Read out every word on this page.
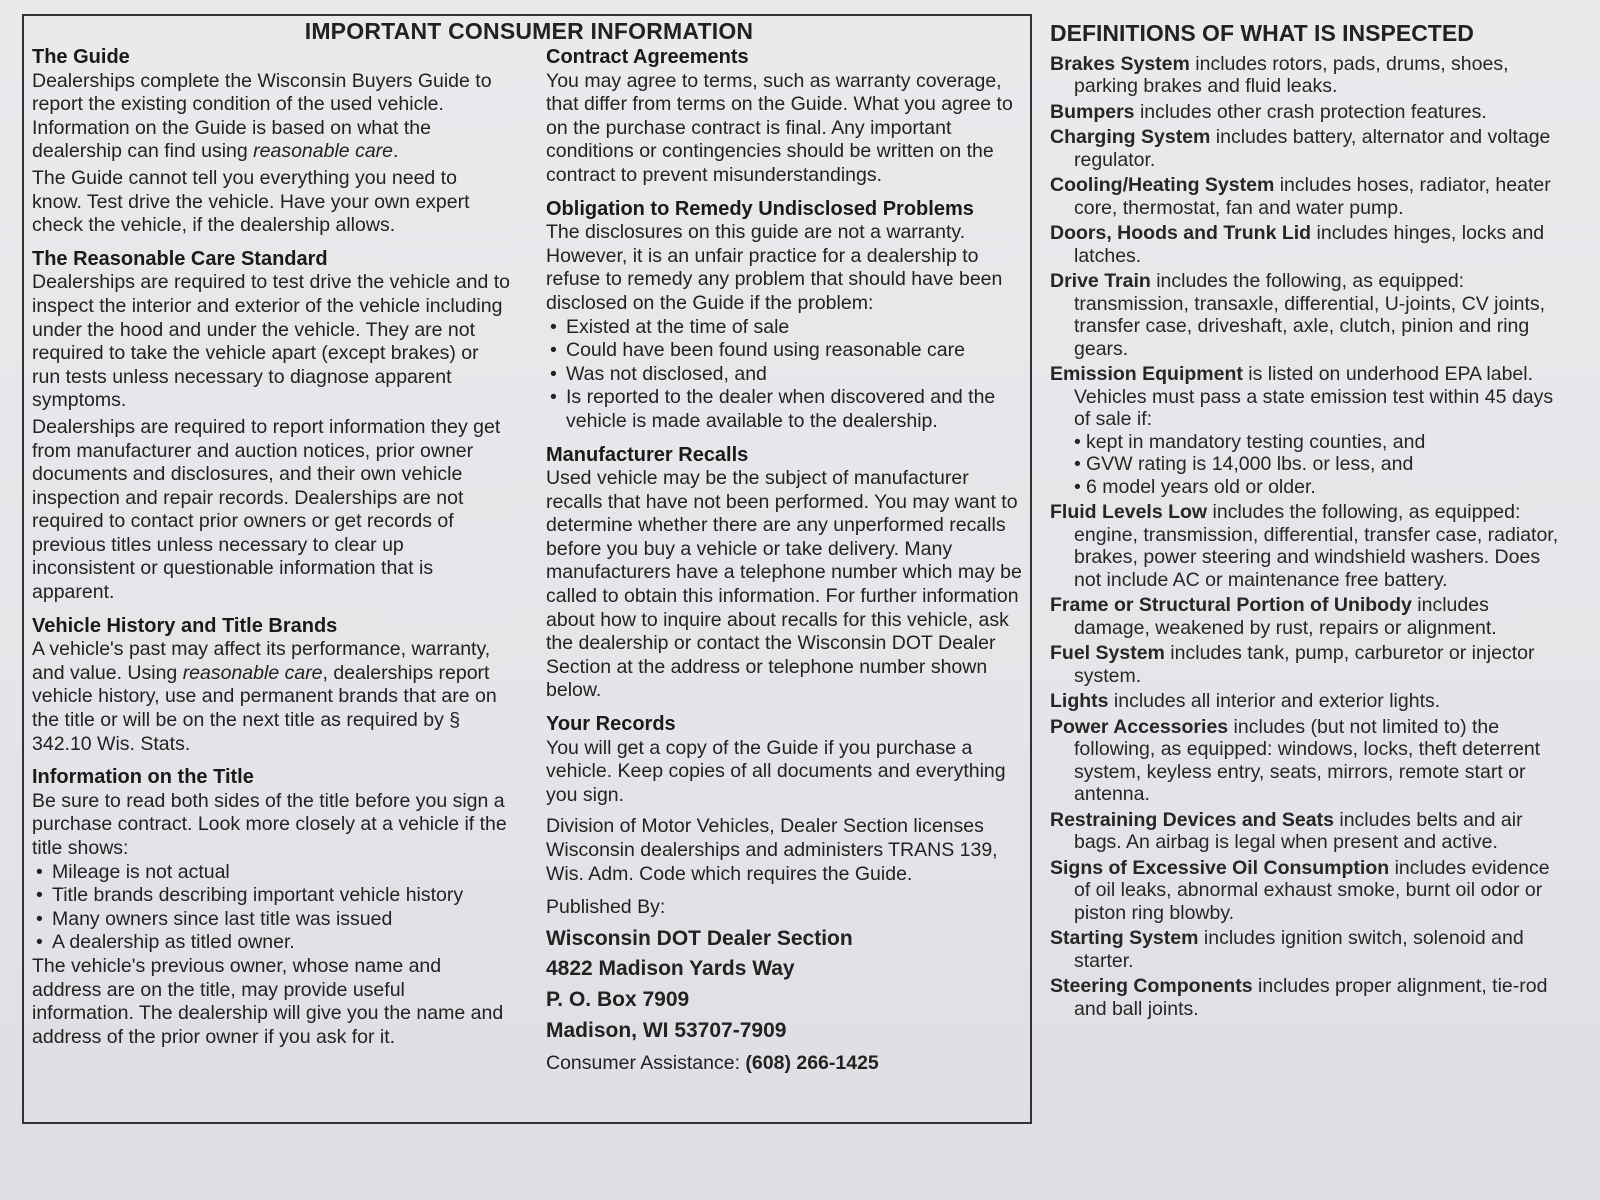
IMPORTANT CONSUMER INFORMATION
The Guide

Dealerships complete the Wisconsin Buyers Guide to report the existing condition of the used vehicle. Information on the Guide is based on what the dealership can find using reasonable care.

The Guide cannot tell you everything you need to know. Test drive the vehicle. Have your own expert check the vehicle, if the dealership allows.

The Reasonable Care Standard

Dealerships are required to test drive the vehicle and to inspect the interior and exterior of the vehicle including under the hood and under the vehicle. They are not required to take the vehicle apart (except brakes) or run tests unless necessary to diagnose apparent symptoms.

Dealerships are required to report information they get from manufacturer and auction notices, prior owner documents and disclosures, and their own vehicle inspection and repair records. Dealerships are not required to contact prior owners or get records of previous titles unless necessary to clear up inconsistent or questionable information that is apparent.

Vehicle History and Title Brands

A vehicle's past may affect its performance, warranty, and value. Using reasonable care, dealerships report vehicle history, use and permanent brands that are on the title or will be on the next title as required by § 342.10 Wis. Stats.

Information on the Title

Be sure to read both sides of the title before you sign a purchase contract. Look more closely at a vehicle if the title shows:

• Mileage is not actual
• Title brands describing important vehicle history
• Many owners since last title was issued
• A dealership as titled owner.

The vehicle's previous owner, whose name and address are on the title, may provide useful information. The dealership will give you the name and address of the prior owner if you ask for it.

Contract Agreements

You may agree to terms, such as warranty coverage, that differ from terms on the Guide. What you agree to on the purchase contract is final. Any important conditions or contingencies should be written on the contract to prevent misunderstandings.

Obligation to Remedy Undisclosed Problems

The disclosures on this guide are not a warranty. However, it is an unfair practice for a dealership to refuse to remedy any problem that should have been disclosed on the Guide if the problem:

• Existed at the time of sale
• Could have been found using reasonable care
• Was not disclosed, and
• Is reported to the dealer when discovered and the vehicle is made available to the dealership.
Manufacturer Recalls

Used vehicle may be the subject of manufacturer recalls that have not been performed. You may want to determine whether there are any unperformed recalls before you buy a vehicle or take delivery. Many manufacturers have a telephone number which may be called to obtain this information. For further information about how to inquire about recalls for this vehicle, ask the dealership or contact the Wisconsin DOT Dealer Section at the address or telephone number shown below.

Your Records

You will get a copy of the Guide if you purchase a vehicle. Keep copies of all documents and everything you sign.

Division of Motor Vehicles, Dealer Section licenses Wisconsin dealerships and administers TRANS 139, Wis. Adm. Code which requires the Guide.

Published By:
Wisconsin DOT Dealer Section
4822 Madison Yards Way
P. O. Box 7909
Madison, WI 53707-7909
Consumer Assistance: (608) 266-1425
DEFINITIONS OF WHAT IS INSPECTED
Brakes System includes rotors, pads, drums, shoes, parking brakes and fluid leaks.
Bumpers includes other crash protection features.
Charging System includes battery, alternator and voltage regulator.
Cooling/Heating System includes hoses, radiator, heater core, thermostat, fan and water pump.
Doors, Hoods and Trunk Lid includes hinges, locks and latches.
Drive Train includes the following, as equipped: transmission, transaxle, differential, U-joints, CV joints, transfer case, driveshaft, axle, clutch, pinion and ring gears.
Emission Equipment is listed on underhood EPA label. Vehicles must pass a state emission test within 45 days of sale if:
• kept in mandatory testing counties, and
• GVW rating is 14,000 lbs. or less, and
• 6 model years old or older.
Fluid Levels Low includes the following, as equipped: engine, transmission, differential, transfer case, radiator, brakes, power steering and windshield washers. Does not include AC or maintenance free battery.
Frame or Structural Portion of Unibody includes damage, weakened by rust, repairs or alignment.
Fuel System includes tank, pump, carburetor or injector system.
Lights includes all interior and exterior lights.
Power Accessories includes (but not limited to) the following, as equipped: windows, locks, theft deterrent system, keyless entry, seats, mirrors, remote start or antenna.
Restraining Devices and Seats includes belts and air bags. An airbag is legal when present and active.
Signs of Excessive Oil Consumption includes evidence of oil leaks, abnormal exhaust smoke, burnt oil odor or piston ring blowby.
Starting System includes ignition switch, solenoid and starter.
Steering Components includes proper alignment, tie-rod and ball joints.
